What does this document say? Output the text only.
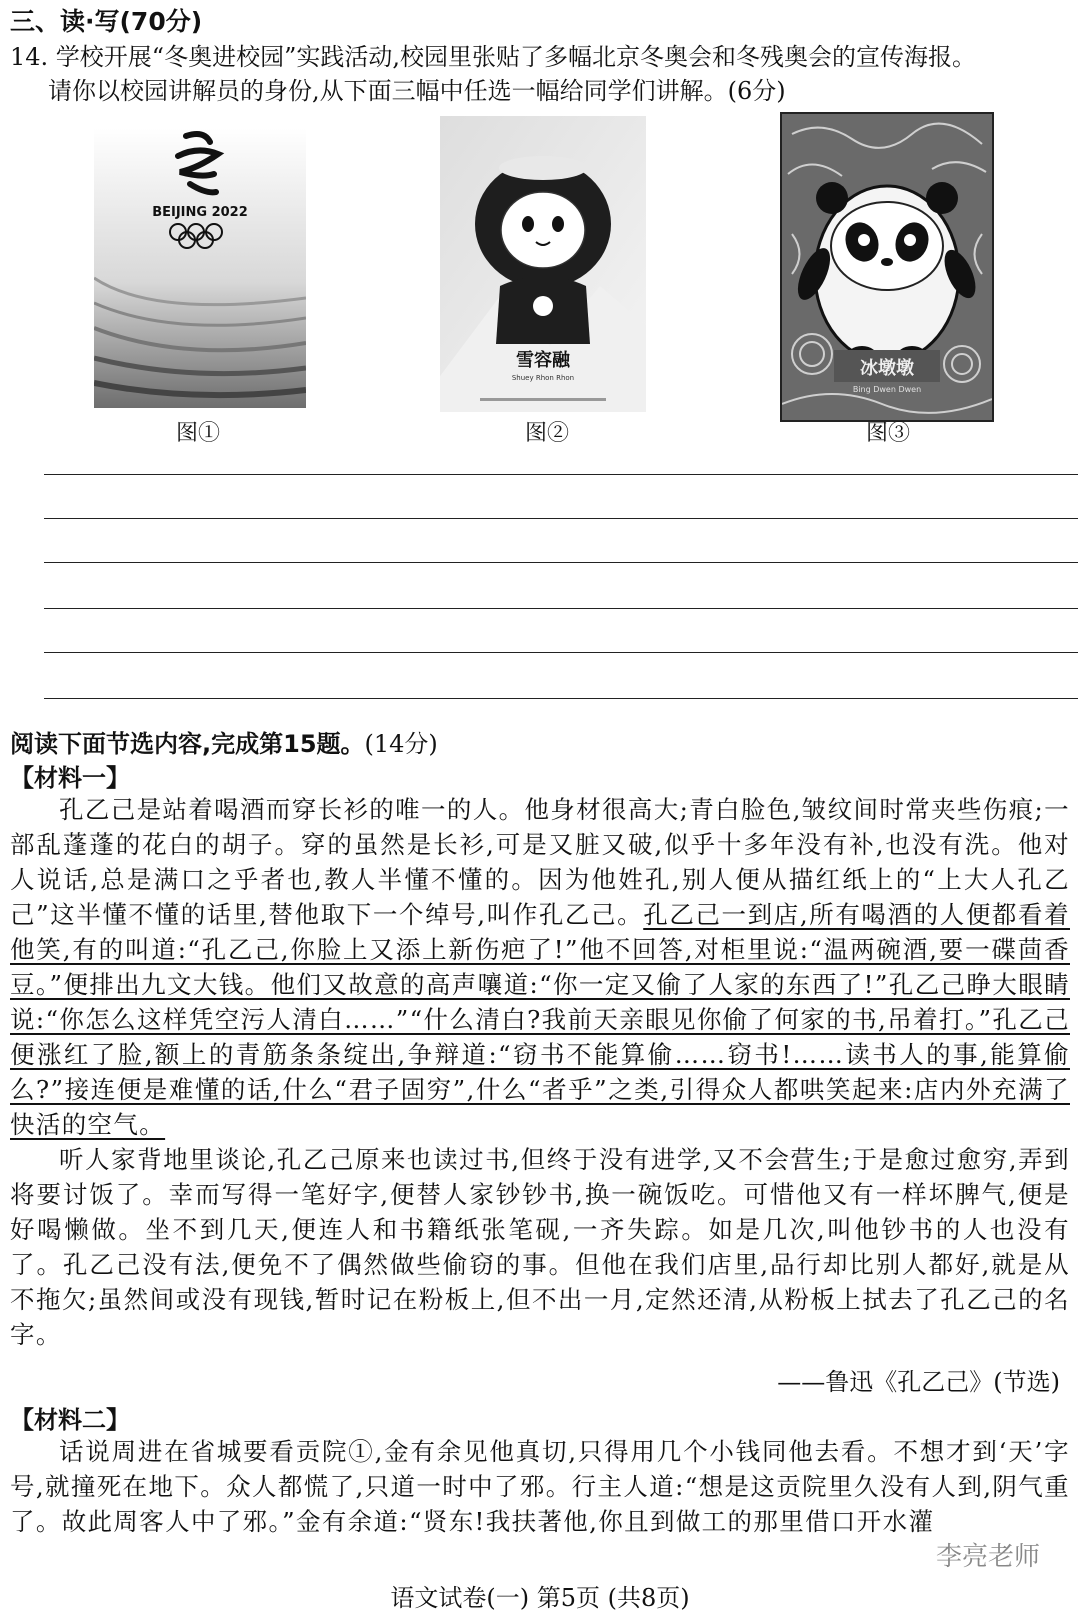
三、读·写(70分)
14. 学校开展“冬奥进校园”实践活动,校园里张贴了多幅北京冬奥会和冬残奥会的宣传海报。
请你以校园讲解员的身份,从下面三幅中任选一幅给同学们讲解。(6分)
BEIJING 2022
图①
雪容融
Shuey Rhon Rhon
图②
冰墩墩
Bing Dwen Dwen
图③
阅读下面节选内容,完成第15题。(14分)
【材料一】

孔乙己是站着喝酒而穿长衫的唯一的人。他身材很高大;青白脸色,皱纹间时常夹些伤痕;一部乱蓬蓬的花白的胡子。穿的虽然是长衫,可是又脏又破,似乎十多年没有补,也没有洗。他对人说话,总是满口之乎者也,教人半懂不懂的。因为他姓孔,别人便从描红纸上的“上大人孔乙己”这半懂不懂的话里,替他取下一个绰号,叫作孔乙己。孔乙己一到店,所有喝酒的人便都看着他笑,有的叫道:“孔乙己,你脸上又添上新伤疤了!”他不回答,对柜里说:“温两碗酒,要一碟茴香豆。”便排出九文大钱。他们又故意的高声嚷道:“你一定又偷了人家的东西了!”孔乙己睁大眼睛说:“你怎么这样凭空污人清白……”“什么清白?我前天亲眼见你偷了何家的书,吊着打。”孔乙己便涨红了脸,额上的青筋条条绽出,争辩道:“窃书不能算偷……窃书!……读书人的事,能算偷么?”接连便是难懂的话,什么“君子固穷”,什么“者乎”之类,引得众人都哄笑起来:店内外充满了快活的空气。

听人家背地里谈论,孔乙己原来也读过书,但终于没有进学,又不会营生;于是愈过愈穷,弄到将要讨饭了。幸而写得一笔好字,便替人家钞钞书,换一碗饭吃。可惜他又有一样坏脾气,便是好喝懒做。坐不到几天,便连人和书籍纸张笔砚,一齐失踪。如是几次,叫他钞书的人也没有了。孔乙己没有法,便免不了偶然做些偷窃的事。但他在我们店里,品行却比别人都好,就是从不拖欠;虽然间或没有现钱,暂时记在粉板上,但不出一月,定然还清,从粉板上拭去了孔乙己的名字。

——鲁迅《孔乙己》(节选)
【材料二】

话说周进在省城要看贡院①,金有余见他真切,只得用几个小钱同他去看。不想才到‘天’字号,就撞死在地下。众人都慌了,只道一时中了邪。行主人道:“想是这贡院里久没有人到,阴气重了。故此周客人中了邪。”金有余道:“贤东!我扶著他,你且到做工的那里借口开水灌

李亮老师
语文试卷(一) 第5页 (共8页)
